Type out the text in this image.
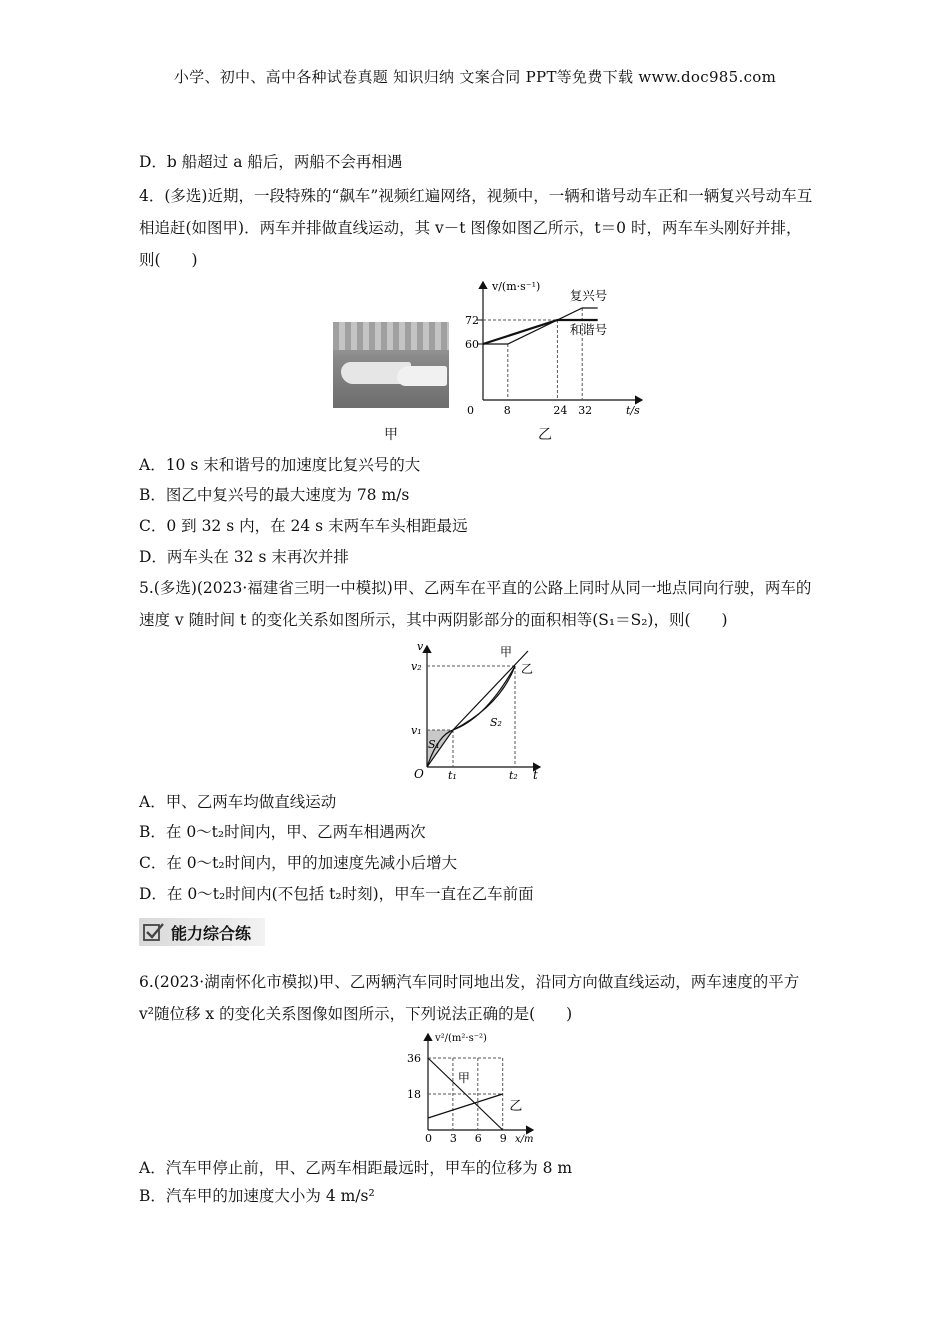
小学、初中、高中各种试卷真题 知识归纳 文案合同 PPT等免费下载 www.doc985.com
D．b 船超过 a 船后，两船不会再相遇
4．(多选)近期，一段特殊的“飙车”视频红遍网络，视频中，一辆和谐号动车正和一辆复兴号动车互相追赶(如图甲)．两车并排做直线运动，其 v－t 图像如图乙所示，t＝0 时，两车车头刚好并排，则(　　)
甲	乙
v/(m·s⁻¹)
t/s
0	8	24 32
60
72
复兴号
和谐号
A．10 s 末和谐号的加速度比复兴号的大
B．图乙中复兴号的最大速度为 78 m/s
C．0 到 32 s 内，在 24 s 末两车车头相距最远
D．两车头在 32 s 末再次并排
5.(多选)(2023·福建省三明一中模拟)甲、乙两车在平直的公路上同时从同一地点同向行驶，两车的速度 v 随时间 t 的变化关系如图所示，其中两阴影部分的面积相等(S₁＝S₂)，则(　　)
v
t
O t₁	t₂
v₁
v₂
甲
乙
S₁
S₂
A．甲、乙两车均做直线运动
B．在 0～t₂时间内，甲、乙两车相遇两次
C．在 0～t₂时间内，甲的加速度先减小后增大
D．在 0～t₂时间内(不包括 t₂时刻)，甲车一直在乙车前面
能力综合练
6.(2023·湖南怀化市模拟)甲、乙两辆汽车同时同地出发，沿同方向做直线运动，两车速度的平方 v²随位移 x 的变化关系图像如图所示，下列说法正确的是(　　)
v²/(m²·s⁻²)
x/m
0 3 6 9
36
18
甲
乙
A．汽车甲停止前，甲、乙两车相距最远时，甲车的位移为 8 m
B．汽车甲的加速度大小为 4 m/s²
